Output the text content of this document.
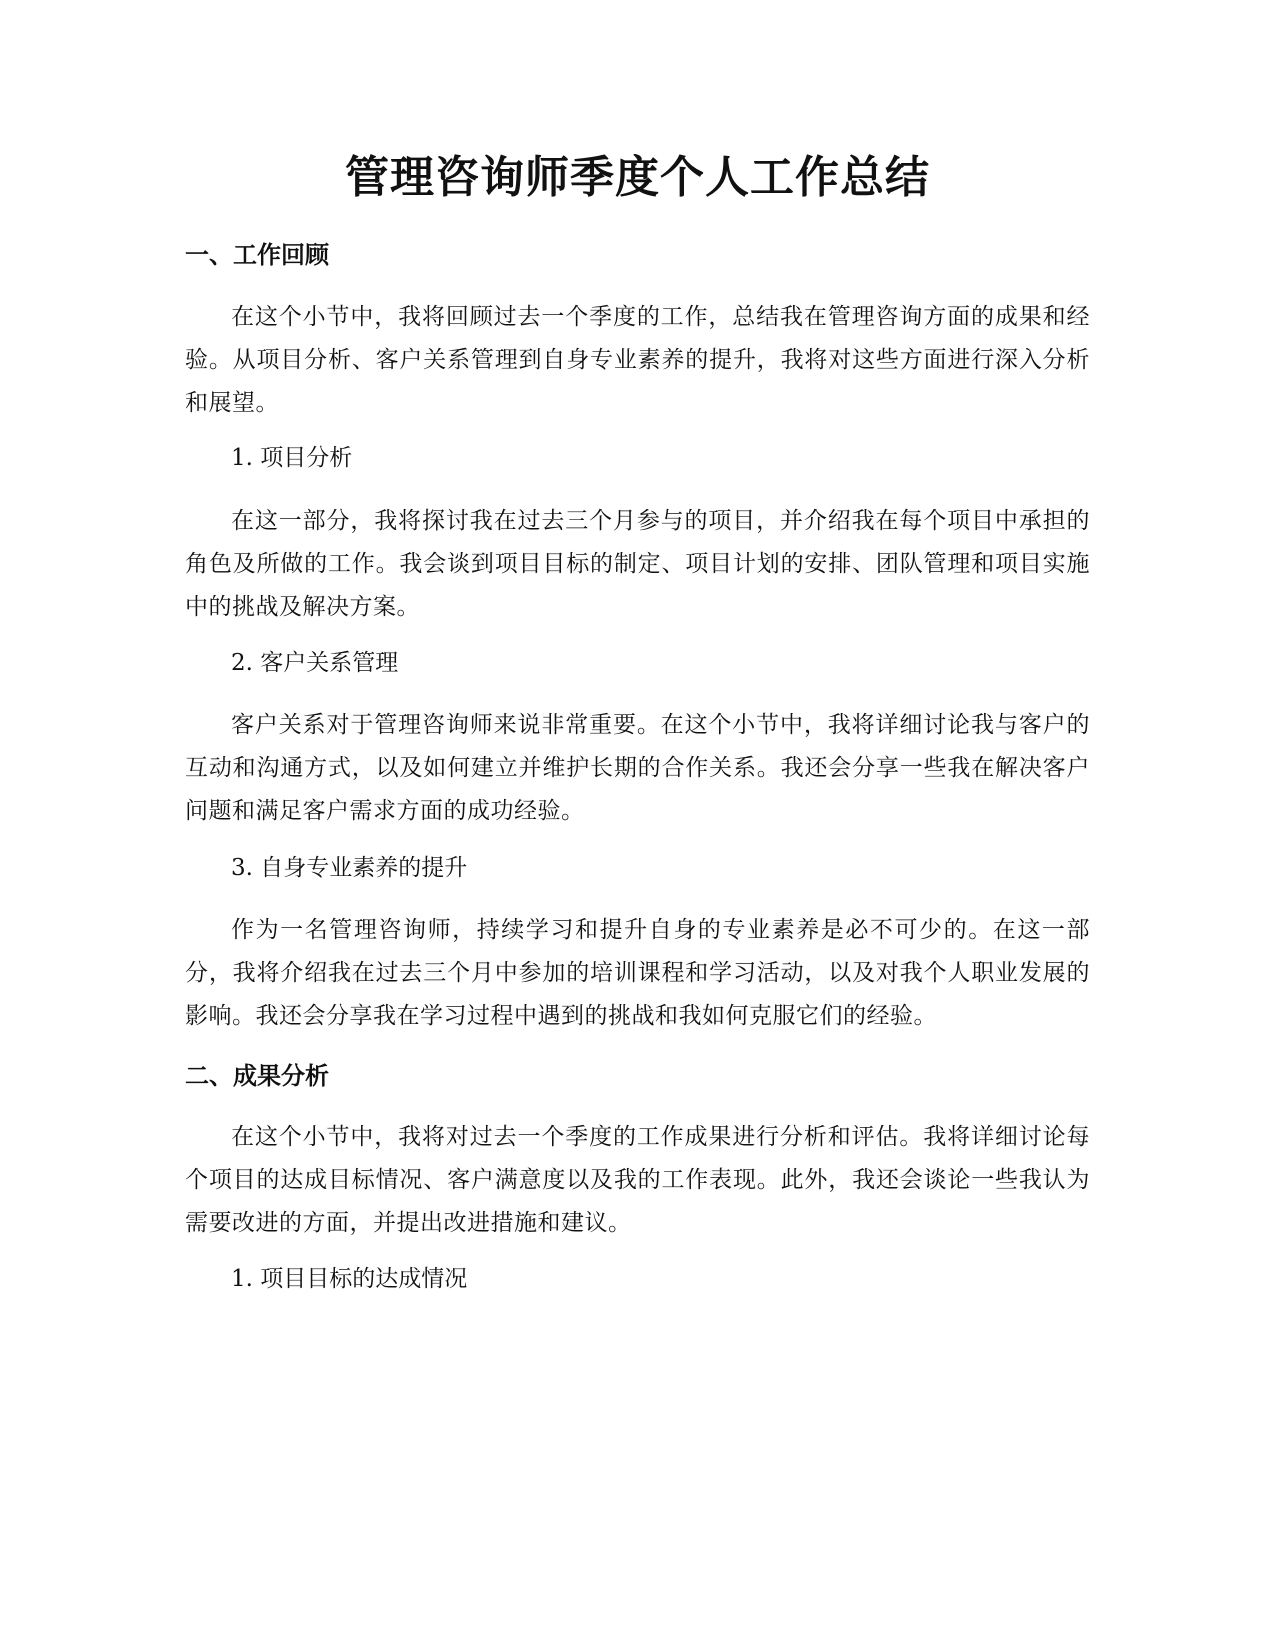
管理咨询师季度个人工作总结
一、工作回顾

在这个小节中，我将回顾过去一个季度的工作，总结我在管理咨询方面的成果和经验。从项目分析、客户关系管理到自身专业素养的提升，我将对这些方面进行深入分析和展望。

1. 项目分析

在这一部分，我将探讨我在过去三个月参与的项目，并介绍我在每个项目中承担的角色及所做的工作。我会谈到项目目标的制定、项目计划的安排、团队管理和项目实施中的挑战及解决方案。

2. 客户关系管理

客户关系对于管理咨询师来说非常重要。在这个小节中，我将详细讨论我与客户的互动和沟通方式，以及如何建立并维护长期的合作关系。我还会分享一些我在解决客户问题和满足客户需求方面的成功经验。

3. 自身专业素养的提升

作为一名管理咨询师，持续学习和提升自身的专业素养是必不可少的。在这一部分，我将介绍我在过去三个月中参加的培训课程和学习活动，以及对我个人职业发展的影响。我还会分享我在学习过程中遇到的挑战和我如何克服它们的经验。

二、成果分析

在这个小节中，我将对过去一个季度的工作成果进行分析和评估。我将详细讨论每个项目的达成目标情况、客户满意度以及我的工作表现。此外，我还会谈论一些我认为需要改进的方面，并提出改进措施和建议。

1. 项目目标的达成情况
